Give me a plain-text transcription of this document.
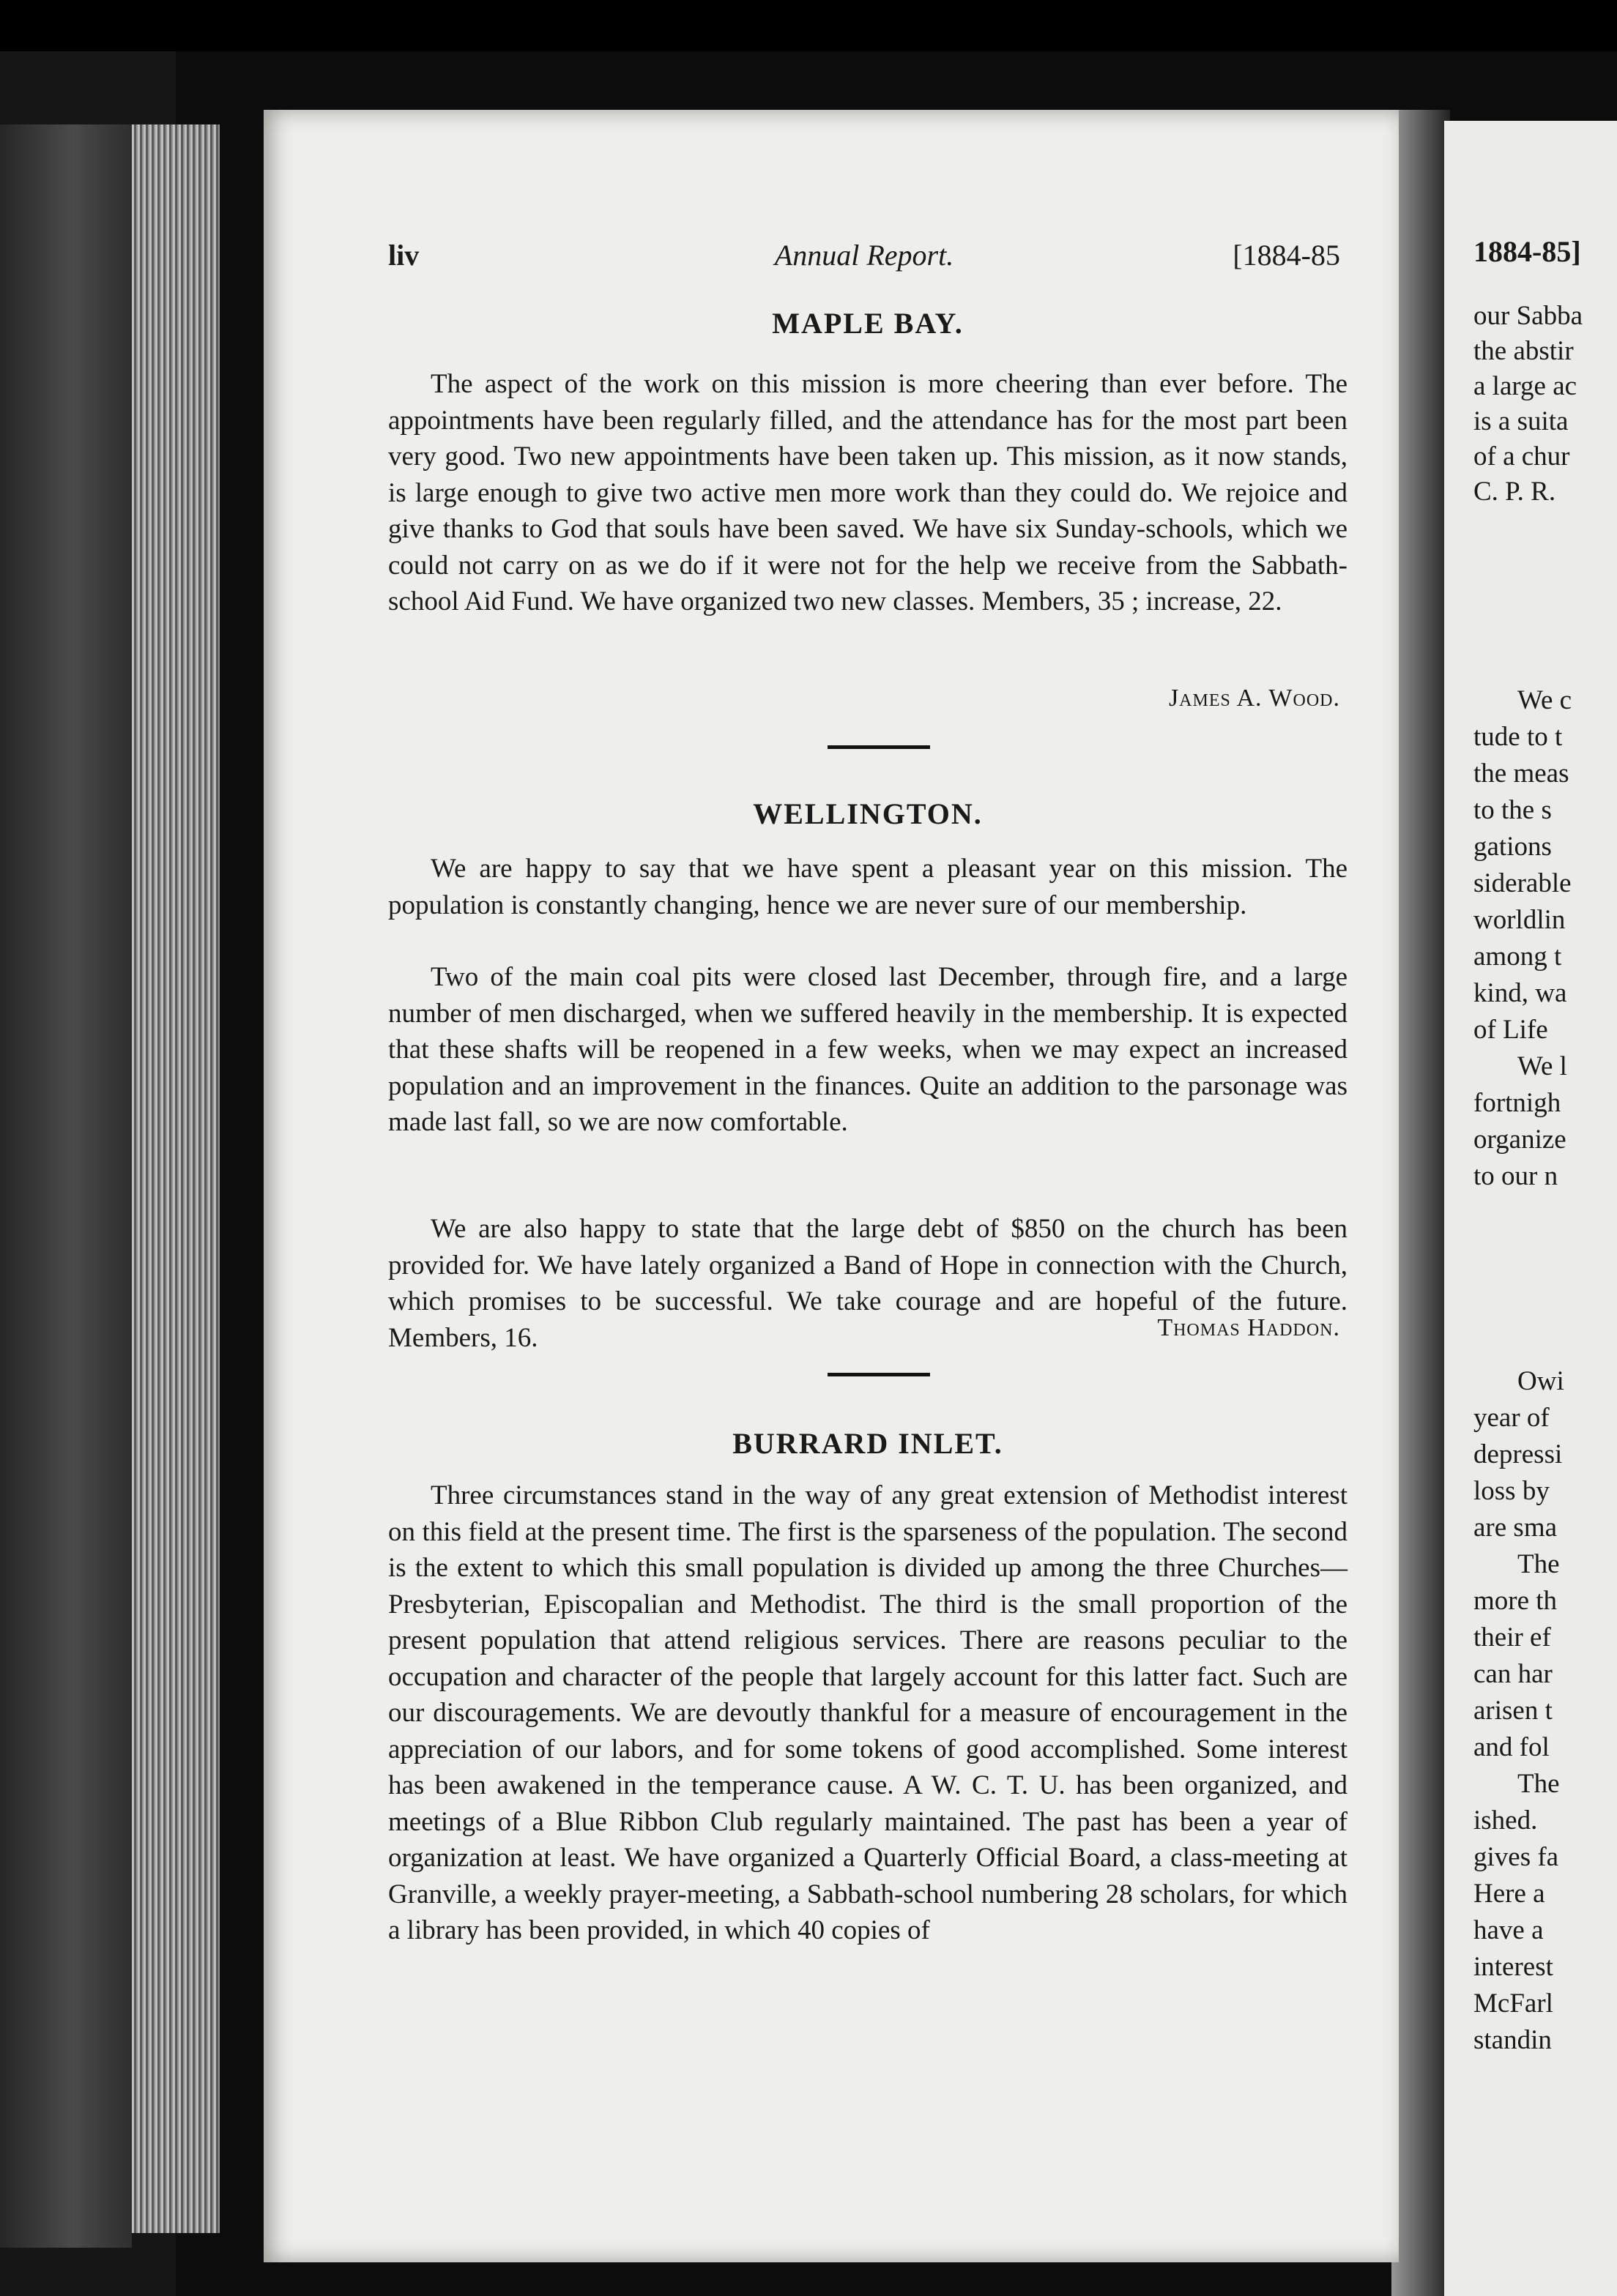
liv	Annual Report.	[1884-85
MAPLE BAY.

The aspect of the work on this mission is more cheering than ever before. The appointments have been regularly filled, and the attendance has for the most part been very good. Two new appointments have been taken up. This mission, as it now stands, is large enough to give two active men more work than they could do. We rejoice and give thanks to God that souls have been saved. We have six Sunday-schools, which we could not carry on as we do if it were not for the help we receive from the Sabbath-school Aid Fund. We have organized two new classes. Members, 35 ; increase, 22.

James A. Wood.
WELLINGTON.

We are happy to say that we have spent a pleasant year on this mission. The population is constantly changing, hence we are never sure of our membership.

Two of the main coal pits were closed last December, through fire, and a large number of men discharged, when we suffered heavily in the membership. It is expected that these shafts will be reopened in a few weeks, when we may expect an increased population and an improvement in the finances. Quite an addition to the parsonage was made last fall, so we are now comfortable.

We are also happy to state that the large debt of $850 on the church has been provided for. We have lately organized a Band of Hope in connection with the Church, which promises to be successful. We take courage and are hopeful of the future. Members, 16.	Thomas Haddon.
BURRARD INLET.

Three circumstances stand in the way of any great extension of Methodist interest on this field at the present time. The first is the sparseness of the population. The second is the extent to which this small population is divided up among the three Churches—Presbyterian, Episcopalian and Methodist. The third is the small proportion of the present population that attend religious services. There are reasons peculiar to the occupation and character of the people that largely account for this latter fact. Such are our discouragements. We are devoutly thankful for a measure of encouragement in the appreciation of our labors, and for some tokens of good accomplished. Some interest has been awakened in the temperance cause. A W. C. T. U. has been organized, and meetings of a Blue Ribbon Club regularly maintained. The past has been a year of organization at least. We have organized a Quarterly Official Board, a class-meeting at Granville, a weekly prayer-meeting, a Sabbath-school numbering 28 scholars, for which a library has been provided, in which 40 copies of

1884-85]
our Sabba
the abstir
a large ac
is a suita
of a chur
C. P. R.
We c
tude to t
the meas
to the s
gations
siderable
worldlin
among t
kind, wa
of Life
We l
fortnigh
organize
to our n
Owi
year of
depressi
loss by
are sma
The
more th
their ef
can har
arisen t
and fol
The
ished.
gives fa
Here a
have a
interest
McFarl
standin
